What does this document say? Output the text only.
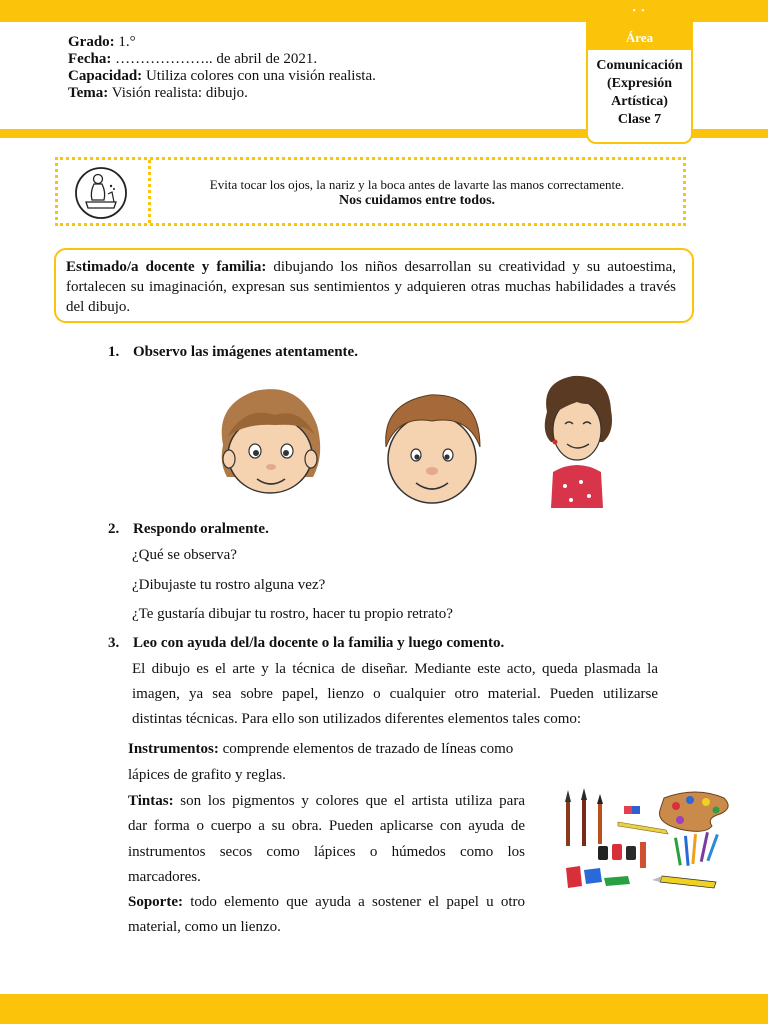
• •
Área
Comunicación
(Expresión
Artística)
Clase 7
Grado: 1.°
Fecha: ……………….. de abril de 2021.
Capacidad: Utiliza colores con una visión realista.
Tema: Visión realista: dibujo.
Evita tocar los ojos, la nariz y la boca antes de lavarte las manos correctamente.
Nos cuidamos entre todos.
Estimado/a docente y familia: dibujando los niños desarrollan su creatividad y su autoestima, fortalecen su imaginación, expresan sus sentimientos y adquieren otras muchas habilidades a través del dibujo.
1. Observo las imágenes atentamente.
2. Respondo oralmente.
¿Qué se observa?
¿Dibujaste tu rostro alguna vez?
¿Te gustaría dibujar tu rostro, hacer tu propio retrato?
3. Leo con ayuda del/la docente o la familia y luego comento.
El dibujo es el arte y la técnica de diseñar. Mediante este acto, queda plasmada la
imagen, ya sea sobre papel, lienzo o cualquier otro material. Pueden utilizarse
distintas técnicas. Para ello son utilizados diferentes elementos tales como:
Instrumentos: comprende elementos de trazado de líneas como
lápices de grafito y reglas.
Tintas: son los pigmentos y colores que el artista utiliza para
dar forma o cuerpo a su obra. Pueden aplicarse con ayuda de
instrumentos secos como lápices o húmedos como los
marcadores.
Soporte: todo elemento que ayuda a sostener el papel u otro
material, como un lienzo.
